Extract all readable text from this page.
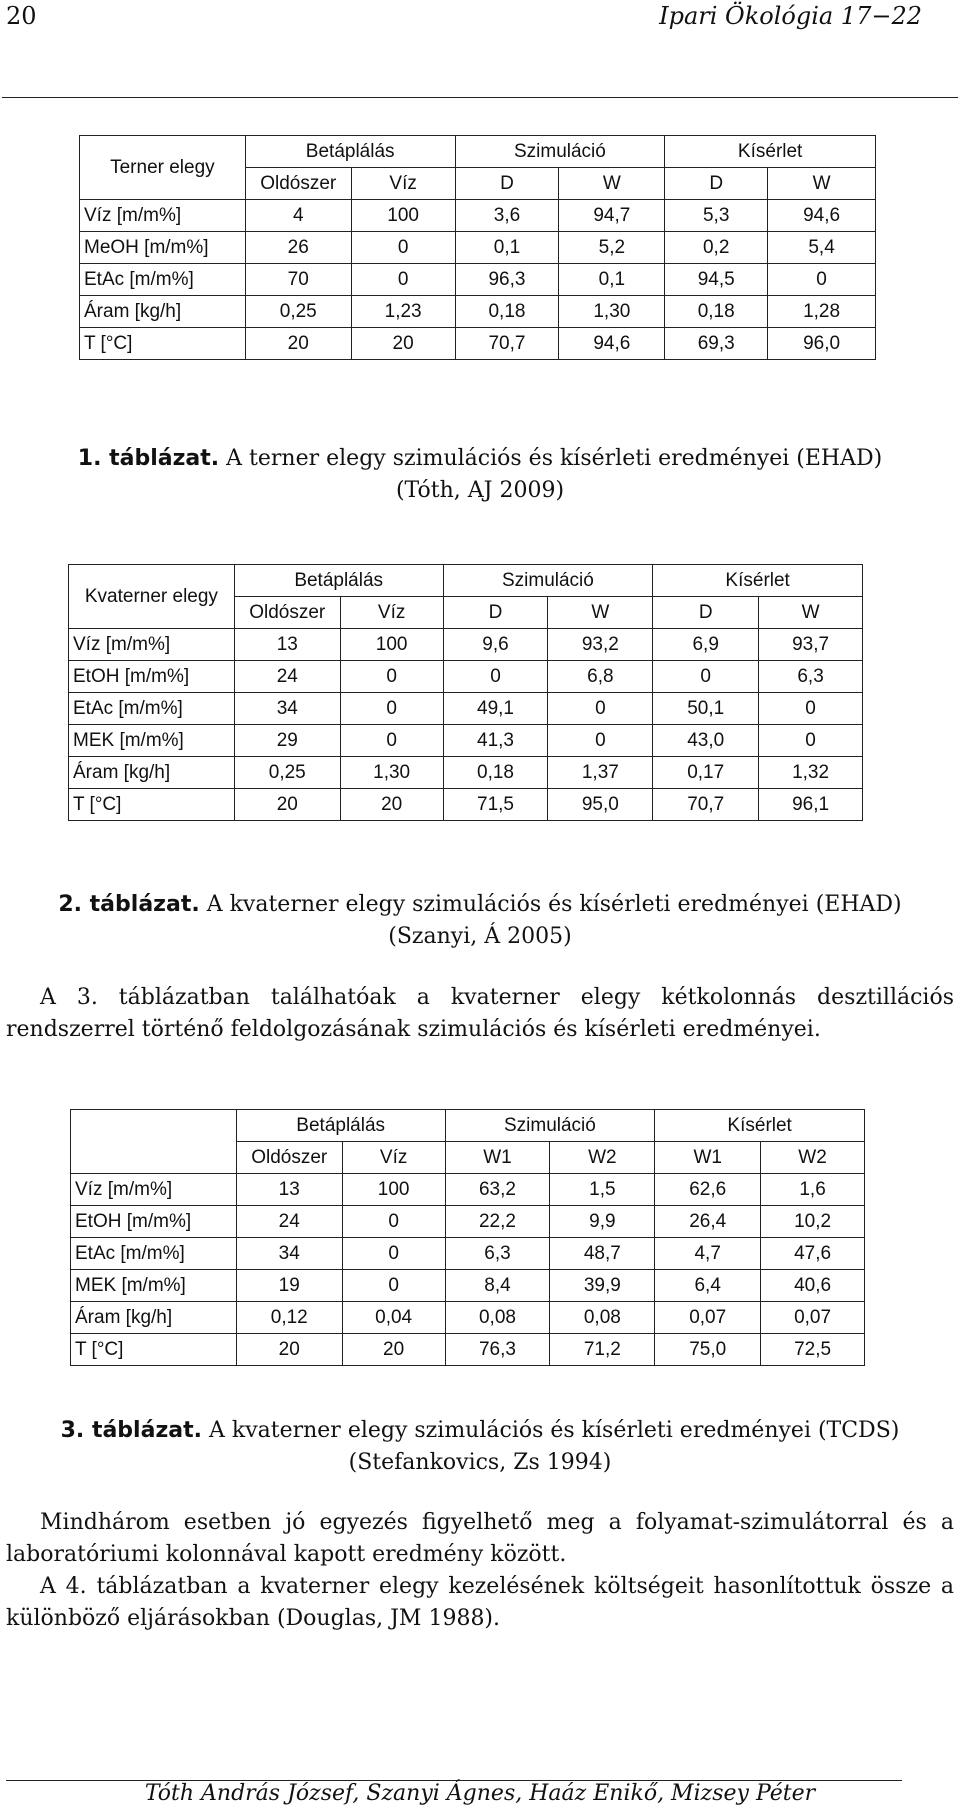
20	Ipari Ökológia 17−22
Terner elegy	Betáplálás		Szimuláció		Kísérlet	
	Oldószer	Víz	D	W	D	W
Víz [m/m%]	4	100	3,6	94,7	5,3	94,6
MeOH [m/m%]	26	0	0,1	5,2	0,2	5,4
EtAc [m/m%]	70	0	96,3	0,1	94,5	0
Áram [kg/h]	0,25	1,23	0,18	1,30	0,18	1,28
T [°C]	20	20	70,7	94,6	69,3	96,0
1. táblázat. A terner elegy szimulációs és kísérleti eredményei (EHAD)
(Tóth, AJ 2009)
Kvaterner elegy	Betáplálás		Szimuláció		Kísérlet	
	Oldószer	Víz	D	W	D	W
Víz [m/m%]	13	100	9,6	93,2	6,9	93,7
EtOH [m/m%]	24	0	0	6,8	0	6,3
EtAc [m/m%]	34	0	49,1	0	50,1	0
MEK [m/m%]	29	0	41,3	0	43,0	0
Áram [kg/h]	0,25	1,30	0,18	1,37	0,17	1,32
T [°C]	20	20	71,5	95,0	70,7	96,1
2. táblázat. A kvaterner elegy szimulációs és kísérleti eredményei (EHAD)
(Szanyi, Á 2005)

A 3. táblázatban találhatóak a kvaterner elegy kétkolonnás desztillációs rendszerrel történő feldolgozásának szimulációs és kísérleti eredményei.

	Betáplálás		Szimuláció		Kísérlet	
	Oldószer	Víz	W1	W2	W1	W2
Víz [m/m%]	13	100	63,2	1,5	62,6	1,6
EtOH [m/m%]	24	0	22,2	9,9	26,4	10,2
EtAc [m/m%]	34	0	6,3	48,7	4,7	47,6
MEK [m/m%]	19	0	8,4	39,9	6,4	40,6
Áram [kg/h]	0,12	0,04	0,08	0,08	0,07	0,07
T [°C]	20	20	76,3	71,2	75,0	72,5
3. táblázat. A kvaterner elegy szimulációs és kísérleti eredményei (TCDS)
(Stefankovics, Zs 1994)

Mindhárom esetben jó egyezés figyelhető meg a folyamat-szimulátorral és a laboratóriumi kolonnával kapott eredmény között.

A 4. táblázatban a kvaterner elegy kezelésének költségeit hasonlítottuk össze a különböző eljárásokban (Douglas, JM 1988).

Tóth András József, Szanyi Ágnes, Haáz Enikő, Mizsey Péter
